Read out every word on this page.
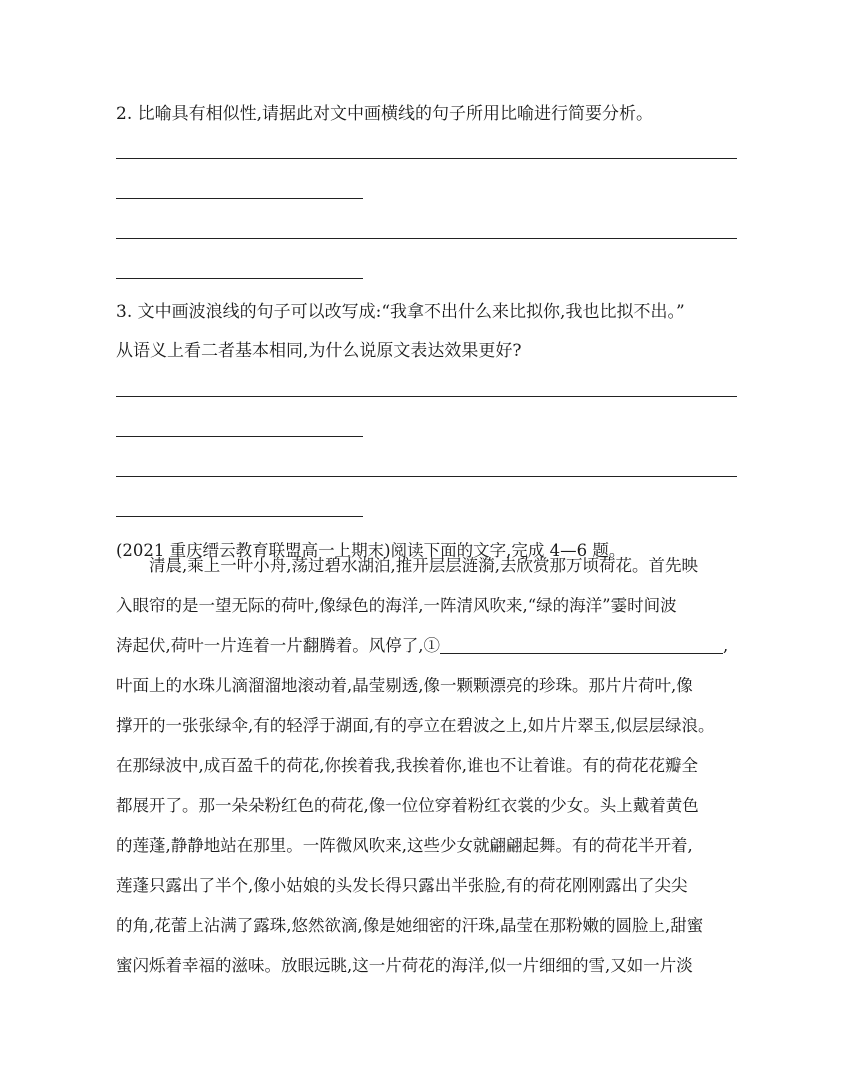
2. 比喻具有相似性,请据此对文中画横线的句子所用比喻进行简要分析。
3. 文中画波浪线的句子可以改写成:“我拿不出什么来比拟你,我也比拟不出。”
从语义上看二者基本相同,为什么说原文表达效果更好?
(2021 重庆缙云教育联盟高一上期末)阅读下面的文字,完成 4—6 题。
清晨,乘上一叶小舟,荡过碧水湖泊,推开层层涟漪,去欣赏那万顷荷花。首先映
入眼帘的是一望无际的荷叶,像绿色的海洋,一阵清风吹来,“绿的海洋”霎时间波
涛起伏,荷叶一片连着一片翻腾着。风停了,①	,
叶面上的水珠儿滴溜溜地滚动着,晶莹剔透,像一颗颗漂亮的珍珠。那片片荷叶,像
撑开的一张张绿伞,有的轻浮于湖面,有的亭立在碧波之上,如片片翠玉,似层层绿浪。
在那绿波中,成百盈千的荷花,你挨着我,我挨着你,谁也不让着谁。有的荷花花瓣全
都展开了。那一朵朵粉红色的荷花,像一位位穿着粉红衣裳的少女。头上戴着黄色
的莲蓬,静静地站在那里。一阵微风吹来,这些少女就翩翩起舞。有的荷花半开着,
莲蓬只露出了半个,像小姑娘的头发长得只露出半张脸,有的荷花刚刚露出了尖尖
的角,花蕾上沾满了露珠,悠然欲滴,像是她细密的汗珠,晶莹在那粉嫩的圆脸上,甜蜜
蜜闪烁着幸福的滋味。放眼远眺,这一片荷花的海洋,似一片细细的雪,又如一片淡
